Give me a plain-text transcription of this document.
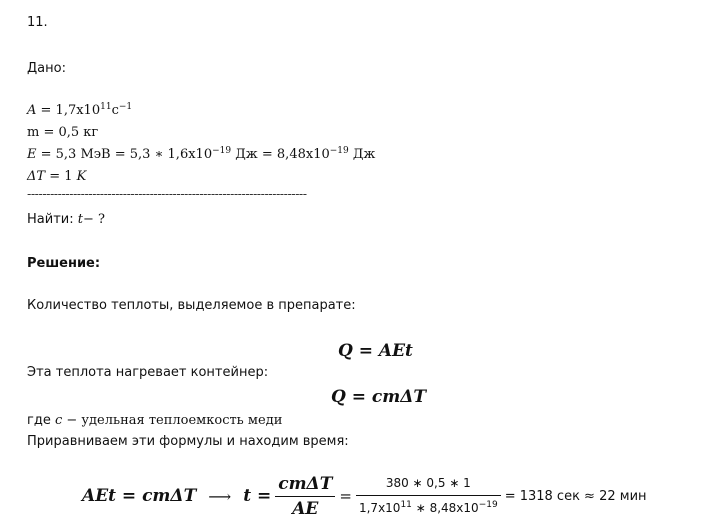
11.
Дано:
$A = 1,7x10^{11}c^{-1}$
m = 0,5 кг
E = 5,3 МэВ = 5,3 ∗ $1,6x10^{-19}$ Дж = $8,48x10^{-19}$ Дж
ΔT = 1 K
-------------------------------------------------------------------------
Найти: t− ?
Решение:
Количество теплоты, выделяемое в препарате:
Q = AEt
Эта теплота нагревает контейнер:
Q = cmΔT
где c − удельная теплоемкость меди
Приравниваем эти формулы и находим время:
AEt = cmΔT ⟶ $t = \frac{\text{cmΔT}}{AE} = \frac{380 ∗ 0,5 ∗ 1}{1,7x10^{11} ∗ 8,48x10^{-19}} = 1318$ сек ≈ 22 мин
